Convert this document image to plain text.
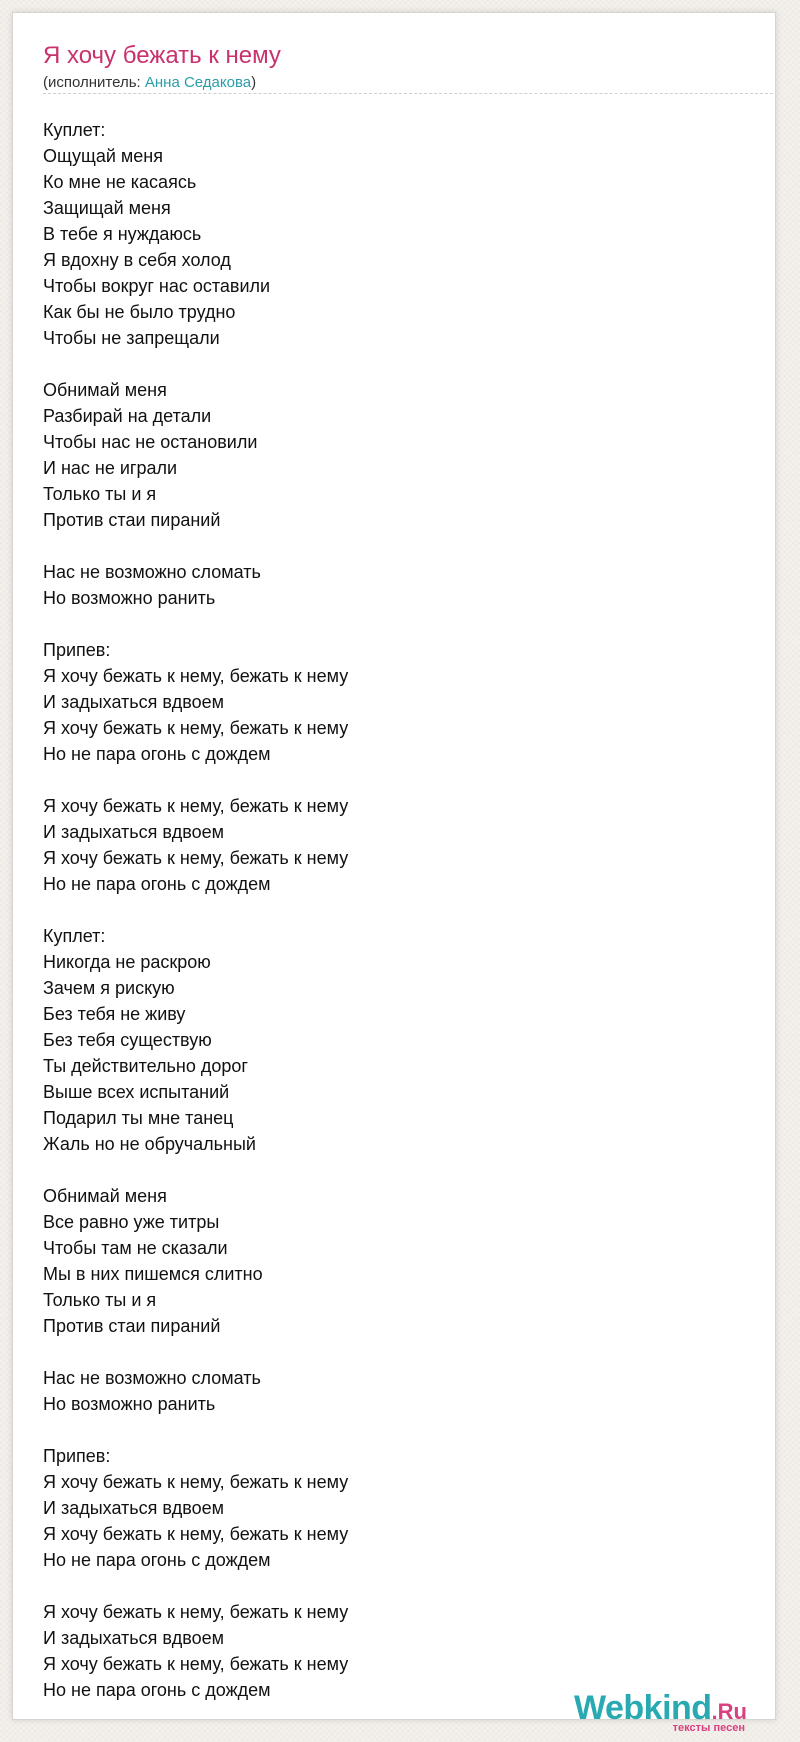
Я хочу бежать к нему
(исполнитель: Анна Седакова)
Куплет:
Ощущай меня
Ко мне не касаясь
Защищай меня
В тебе я нуждаюсь
Я вдохну в себя холод
Чтобы вокруг нас оставили
Как бы не было трудно
Чтобы не запрещали
Обнимай меня
Разбирай на детали
Чтобы нас не остановили
И нас не играли
Только ты и я
Против стаи пираний
Нас не возможно сломать
Но возможно ранить
Припев:
Я хочу бежать к нему, бежать к нему
И задыхаться вдвоем
Я хочу бежать к нему, бежать к нему
Но не пара огонь с дождем
Я хочу бежать к нему, бежать к нему
И задыхаться вдвоем
Я хочу бежать к нему, бежать к нему
Но не пара огонь с дождем
Куплет:
Никогда не раскрою
Зачем я рискую
Без тебя не живу
Без тебя существую
Ты действительно дорог
Выше всех испытаний
Подарил ты мне танец
Жаль но не обручальный
Обнимай меня
Все равно уже титры
Чтобы там не сказали
Мы в них пишемся слитно
Только ты и я
Против стаи пираний
Нас не возможно сломать
Но возможно ранить
Припев:
Я хочу бежать к нему, бежать к нему
И задыхаться вдвоем
Я хочу бежать к нему, бежать к нему
Но не пара огонь с дождем
Я хочу бежать к нему, бежать к нему
И задыхаться вдвоем
Я хочу бежать к нему, бежать к нему
Но не пара огонь с дождем	Webkind.Ru
тексты песен
